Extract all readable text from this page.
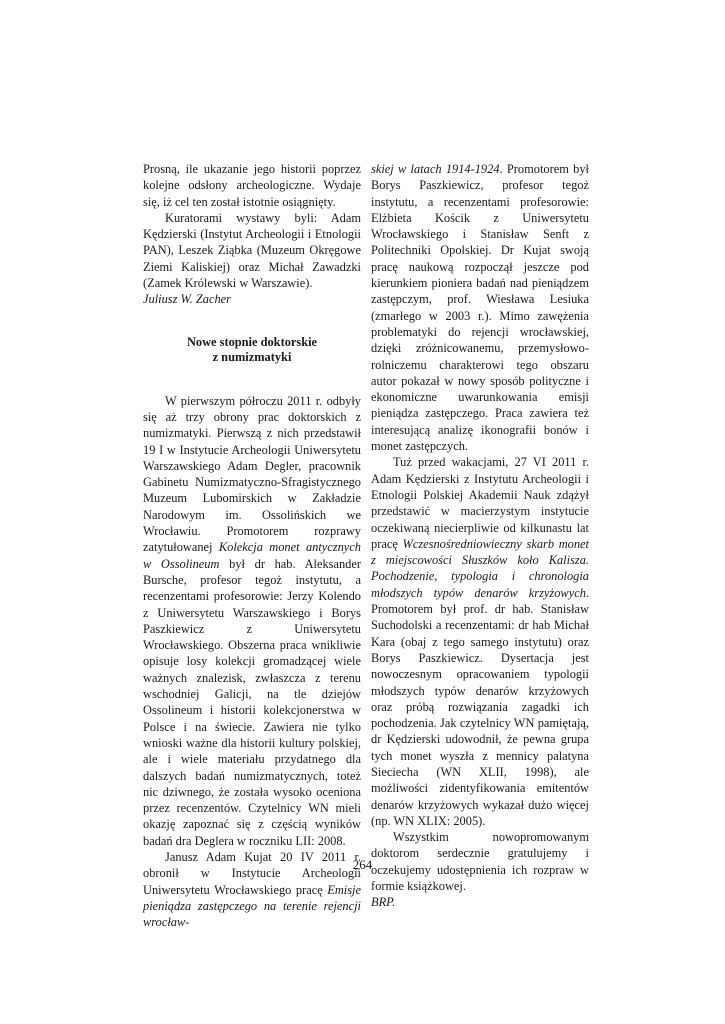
Prosną, ile ukazanie jego historii poprzez kolejne odsłony archeologiczne. Wydaje się, iż cel ten został istotnie osiągnięty.

Kuratorami wystawy byli: Adam Kędzierski (Instytut Archeologii i Etnologii PAN), Leszek Ziąbka (Muzeum Okręgowe Ziemi Kaliskiej) oraz Michał Zawadzki (Zamek Królewski w Warszawie).

Juliusz W. Zacher

Nowe stopnie doktorskie
z numizmatyki

W pierwszym półroczu 2011 r. odbyły się aż trzy obrony prac doktorskich z numizmatyki. Pierwszą z nich przedstawił 19 I w Instytucie Archeologii Uniwersytetu Warszawskiego Adam Degler, pracownik Gabinetu Numizmatyczno-Sfragistycznego Muzeum Lubomirskich w Zakładzie Narodowym im. Ossolińskich we Wrocławiu. Promotorem rozprawy zatytułowanej Kolekcja monet antycznych w Ossolineum był dr hab. Aleksander Bursche, profesor tegoż instytutu, a recenzentami profesorowie: Jerzy Kolendo z Uniwersytetu Warszawskiego i Borys Paszkiewicz z Uniwersytetu Wrocławskiego. Obszerna praca wnikliwie opisuje losy kolekcji gromadzącej wiele ważnych znalezisk, zwłaszcza z terenu wschodniej Galicji, na tle dziejów Ossolineum i historii kolekcjonerstwa w Polsce i na świecie. Zawiera nie tylko wnioski ważne dla historii kultury polskiej, ale i wiele materiału przydatnego dla dalszych badań numizmatycznych, toteż nic dziwnego, że została wysoko oceniona przez recenzentów. Czytelnicy WN mieli okazję zapoznać się z częścią wyników badań dra Deglera w roczniku LII: 2008.

Janusz Adam Kujat 20 IV 2011 r. obronił w Instytucie Archeologii Uniwersytetu Wrocławskiego pracę Emisje pieniądza zastępczego na terenie rejencji wrocław-

skiej w latach 1914-1924. Promotorem był Borys Paszkiewicz, profesor tegoż instytutu, a recenzentami profesorowie: Elżbieta Kościk z Uniwersytetu Wrocławskiego i Stanisław Senft z Politechniki Opolskiej. Dr Kujat swoją pracę naukową rozpoczął jeszcze pod kierunkiem pioniera badań nad pieniądzem zastępczym, prof. Wiesława Lesiuka (zmarłego w 2003 r.). Mimo zawężenia problematyki do rejencji wrocławskiej, dzięki zróżnicowanemu, przemysłowo-rolniczemu charakterowi tego obszaru autor pokazał w nowy sposób polityczne i ekonomiczne uwarunkowania emisji pieniądza zastępczego. Praca zawiera też interesującą analizę ikonografii bonów i monet zastępczych.

Tuż przed wakacjami, 27 VI 2011 r. Adam Kędzierski z Instytutu Archeologii i Etnologii Polskiej Akademii Nauk zdążył przedstawić w macierzystym instytucie oczekiwaną niecierpliwie od kilkunastu lat pracę Wczesnośredniowieczny skarb monet z miejscowości Słuszków koło Kalisza. Pochodzenie, typologia i chronologia młodszych typów denarów krzyżowych. Promotorem był prof. dr hab. Stanisław Suchodolski a recenzentami: dr hab Michał Kara (obaj z tego samego instytutu) oraz Borys Paszkiewicz. Dysertacja jest nowoczesnym opracowaniem typologii młodszych typów denarów krzyżowych oraz próbą rozwiązania zagadki ich pochodzenia. Jak czytelnicy WN pamiętają, dr Kędzierski udowodnił, że pewna grupa tych monet wyszła z mennicy palatyna Sieciecha (WN XLII, 1998), ale możliwości zidentyfikowania emitentów denarów krzyżowych wykazał dużo więcej (np. WN XLIX: 2005).

Wszystkim nowopromowanym doktorom serdecznie gratulujemy i oczekujemy udostępnienia ich rozpraw w formie książkowej.

BRP.

264
